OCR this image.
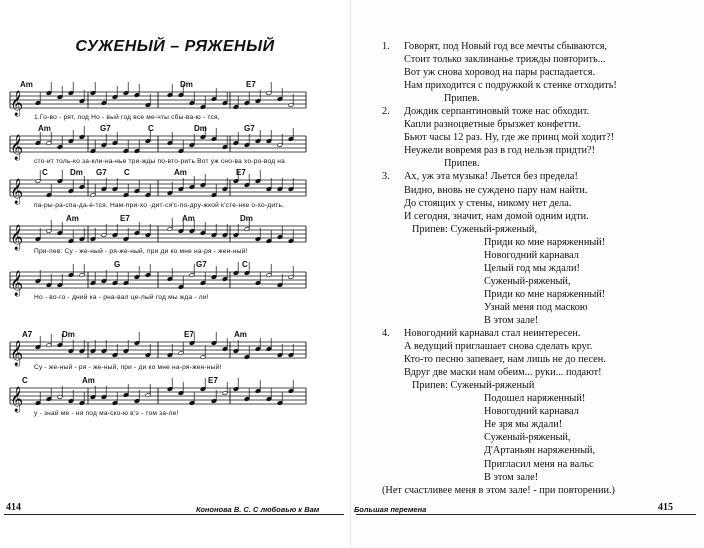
СУЖЕНЫЙ – РЯЖЕНЫЙ
Am	Dm	E7
𝄞
1.Го-во - рят, под Но - вый год все ме-чты сбы-ва-ю - тся,
Am	G7	C	Dm	G7
𝄞
сто-ит толь-ко за-кли-на-нье три-жды по-вто-рить Вот уж сно-ва хо-ро-вод на
C	Dm G7 C	Am	E7
𝄞
па-ры-ра-спа-да-е-тся. Нам-при-хо -дит-ся'с-по-дру-жкой к'сте-нке о-хо-дить.
Am	E7	Am	Dm
𝄞
При-пев: Су - же-ный - ря-же-ный, при ди ко мне на-ря - жен-ный!
G	G7	C
𝄞
Но - во-го - дний ка - рна-вал це-лый год мы жда - ли!
A7	Dm	E7	Am
𝄞
Су - же-ный - ря - же-ный, при - ди ко мне на-ря-жен-ный!
C	Am	E7
𝄞
у - знай ме - ня под ма-ско-ю в'э - том за-ле!
414	Кононова В. С. С любовью к Вам
1. Говорят, под Новый год все мечты сбываются,
Стоит только заклинанье трижды повторить...
Вот уж снова хоровод на пары распадается.
Нам приходится с подружкой к стенке отходить!
Припев.
2. Дождик серпантиновый тоже нас обходит.
Капли разноцветные брызжет конфетти.
Бьют часы 12 раз. Ну, где же принц мой ходит?!
Неужели вовремя раз в год нельзя придти?!
Припев.
3. Ах, уж эта музыка! Льется без предела!
Видно, вновь не суждено пару нам найти.
До стоящих у стены, никому нет дела.
И сегодня, значит, нам домой одним идти.
Припев: Суженый-ряженый,
Приди ко мне наряженный!
Новогодний карнавал
Целый год мы ждали!
Суженый-ряженый,
Приди ко мне наряженный!
Узнай меня под маскою
В этом зале!
4. Новогодний карнавал стал неинтересен.
А ведущий приглашает снова сделать круг.
Кто-то песню запевает, нам лишь не до песен.
Вдруг две маски нам обеим... руки... подают!
Припев: Суженый-ряженый
Подошел наряженный!
Новогодний карнавал
Не зря мы ждали!
Суженый-ряженый,
Д'Артаньян наряженный,
Пригласил меня на вальс
В этом зале!
(Нет счастливее меня в этом зале! - при повторении.)
Большая перемена	415
